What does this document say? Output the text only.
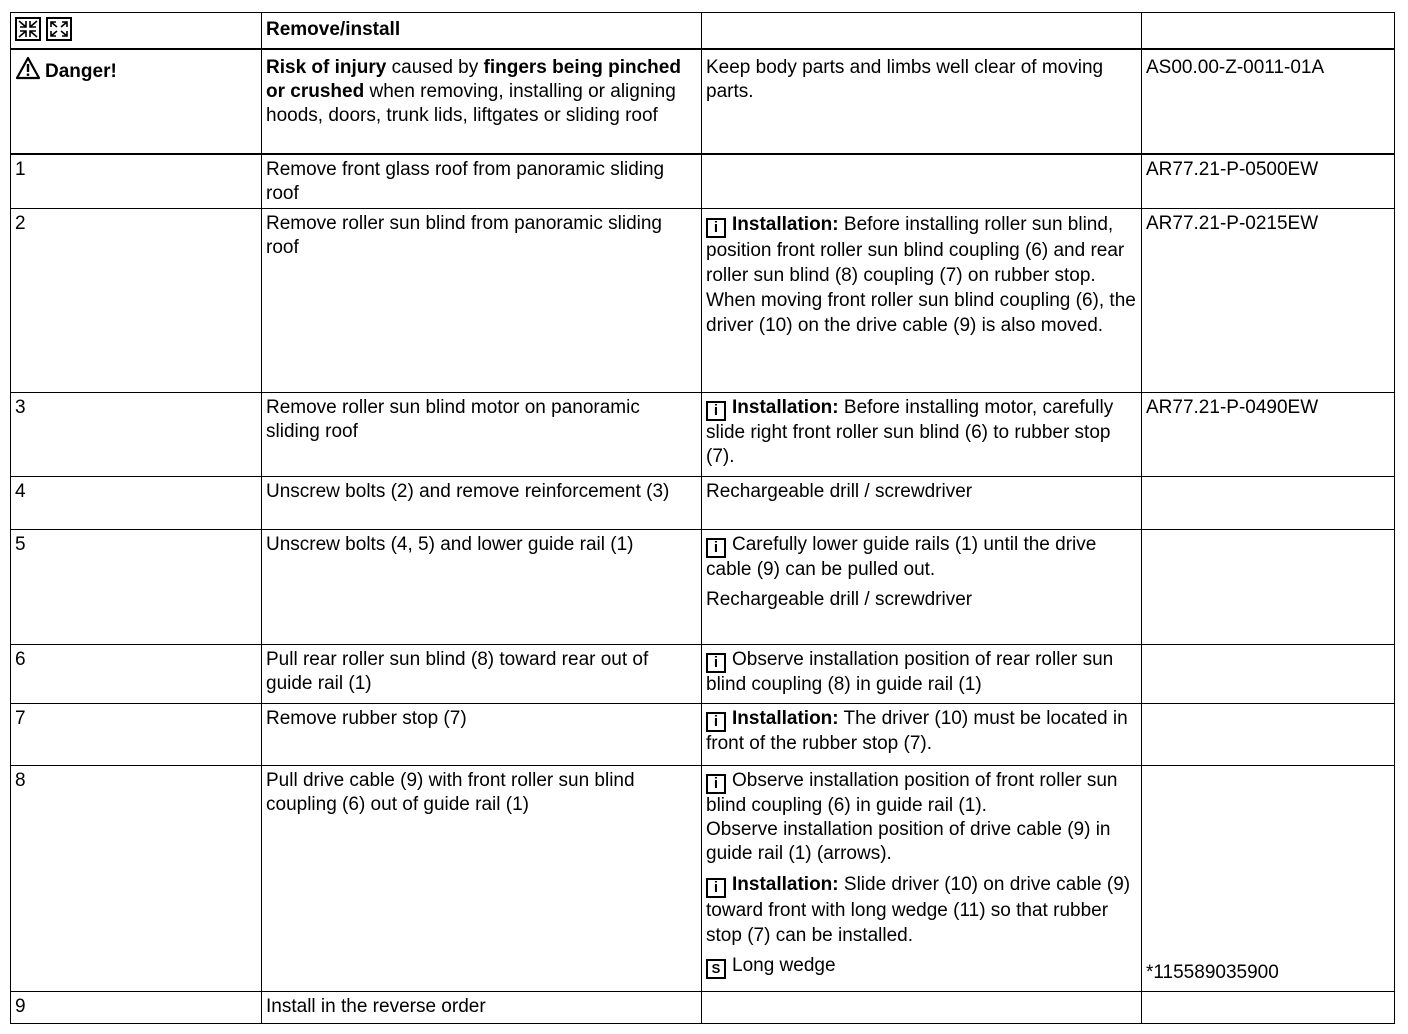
	Remove/install		
Danger!	Risk of injury caused by fingers being pinched or crushed when removing, installing or aligning hoods, doors, trunk lids, liftgates or sliding roof	Keep body parts and limbs well clear of moving parts.	AS00.00-Z-0011-01A
1	Remove front glass roof from panoramic sliding roof		AR77.21-P-0500EW
2	Remove roller sun blind from panoramic sliding roof	i Installation: Before installing roller sun blind, position front roller sun blind coupling (6) and rear roller sun blind (8) coupling (7) on rubber stop.
When moving front roller sun blind coupling (6), the driver (10) on the drive cable (9) is also moved.	AR77.21-P-0215EW
3	Remove roller sun blind motor on panoramic sliding roof	i Installation: Before installing motor, carefully slide right front roller sun blind (6) to rubber stop (7).	AR77.21-P-0490EW
4	Unscrew bolts (2) and remove reinforcement (3)	Rechargeable drill / screwdriver	
5	Unscrew bolts (4, 5) and lower guide rail (1)	i Carefully lower guide rails (1) until the drive cable (9) can be pulled out.
Rechargeable drill / screwdriver	

6	Pull rear roller sun blind (8) toward rear out of guide rail (1)	i Observe installation position of rear roller sun blind coupling (8) in guide rail (1)	
7	Remove rubber stop (7)	i Installation: The driver (10) must be located in front of the rubber stop (7).	
8	Pull drive cable (9) with front roller sun blind coupling (6) out of guide rail (1)	i Observe installation position of front roller sun blind coupling (6) in guide rail (1).
Observe installation position of drive cable (9) in guide rail (1) (arrows).
i Installation: Slide driver (10) on drive cable (9) toward front with long wedge (11) so that rubber stop (7) can be installed.
S Long wedge	*115589035900
9	Install in the reverse order		
